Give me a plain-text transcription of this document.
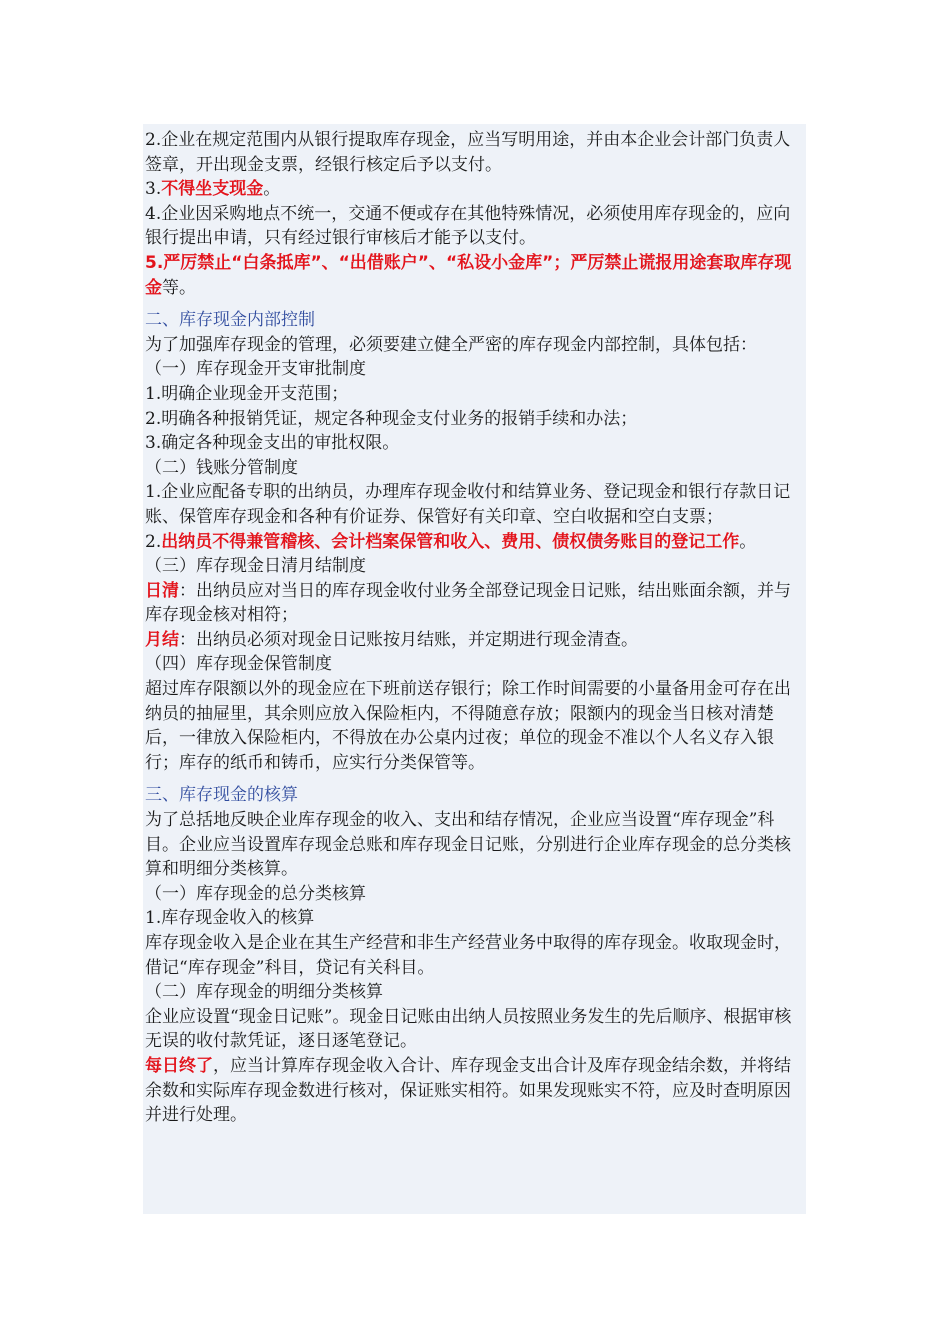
2.企业在规定范围内从银行提取库存现金，应当写明用途，并由本企业会计部门负责人签章，开出现金支票，经银行核定后予以支付。

3.不得坐支现金。

4.企业因采购地点不统一，交通不便或存在其他特殊情况，必须使用库存现金的，应向银行提出申请，只有经过银行审核后才能予以支付。

5.严厉禁止“白条抵库”、“出借账户”、“私设小金库”；严厉禁止谎报用途套取库存现金等。

二、库存现金内部控制

为了加强库存现金的管理，必须要建立健全严密的库存现金内部控制，具体包括：

（一）库存现金开支审批制度

1.明确企业现金开支范围；

2.明确各种报销凭证，规定各种现金支付业务的报销手续和办法；

3.确定各种现金支出的审批权限。

（二）钱账分管制度

1.企业应配备专职的出纳员，办理库存现金收付和结算业务、登记现金和银行存款日记账、保管库存现金和各种有价证券、保管好有关印章、空白收据和空白支票；

2.出纳员不得兼管稽核、会计档案保管和收入、费用、债权债务账目的登记工作。

（三）库存现金日清月结制度

日清：出纳员应对当日的库存现金收付业务全部登记现金日记账，结出账面余额，并与库存现金核对相符；

月结：出纳员必须对现金日记账按月结账，并定期进行现金清查。

（四）库存现金保管制度

超过库存限额以外的现金应在下班前送存银行；除工作时间需要的小量备用金可存在出纳员的抽屉里，其余则应放入保险柜内，不得随意存放；限额内的现金当日核对清楚后，一律放入保险柜内，不得放在办公桌内过夜；单位的现金不准以个人名义存入银行；库存的纸币和铸币，应实行分类保管等。

三、库存现金的核算

为了总括地反映企业库存现金的收入、支出和结存情况，企业应当设置“库存现金”科目。企业应当设置库存现金总账和库存现金日记账，分别进行企业库存现金的总分类核算和明细分类核算。

（一）库存现金的总分类核算

1.库存现金收入的核算

库存现金收入是企业在其生产经营和非生产经营业务中取得的库存现金。收取现金时，借记“库存现金”科目，贷记有关科目。

（二）库存现金的明细分类核算

企业应设置“现金日记账”。现金日记账由出纳人员按照业务发生的先后顺序、根据审核无误的收付款凭证，逐日逐笔登记。

每日终了，应当计算库存现金收入合计、库存现金支出合计及库存现金结余数，并将结余数和实际库存现金数进行核对，保证账实相符。如果发现账实不符，应及时查明原因并进行处理。
